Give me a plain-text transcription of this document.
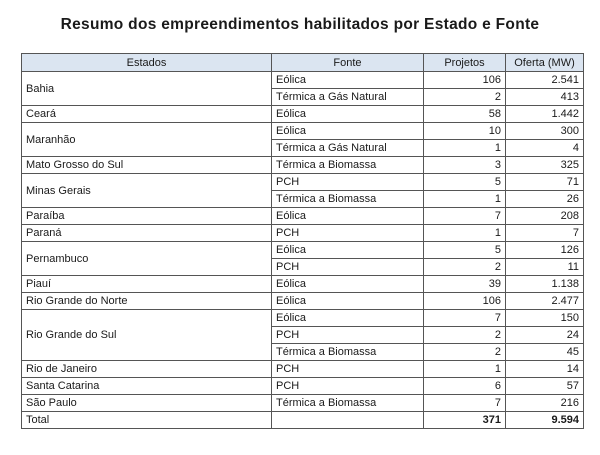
Resumo dos empreendimentos habilitados por Estado e Fonte
Estados	Fonte	Projetos	Oferta (MW)
Bahia	Eólica	106	2.541
	Térmica a Gás Natural	2	413
Ceará	Eólica	58	1.442
Maranhão	Eólica	10	300
	Térmica a Gás Natural	1	4
Mato Grosso do Sul	Térmica a Biomassa	3	325
Minas Gerais	PCH	5	71
	Térmica a Biomassa	1	26
Paraíba	Eólica	7	208
Paraná	PCH	1	7
Pernambuco	Eólica	5	126
	PCH	2	11
Piauí	Eólica	39	1.138
Rio Grande do Norte	Eólica	106	2.477
Rio Grande do Sul	Eólica	7	150
	PCH	2	24
	Térmica a Biomassa	2	45
Rio de Janeiro	PCH	1	14
Santa Catarina	PCH	6	57
São Paulo	Térmica a Biomassa	7	216
Total		371	9.594
